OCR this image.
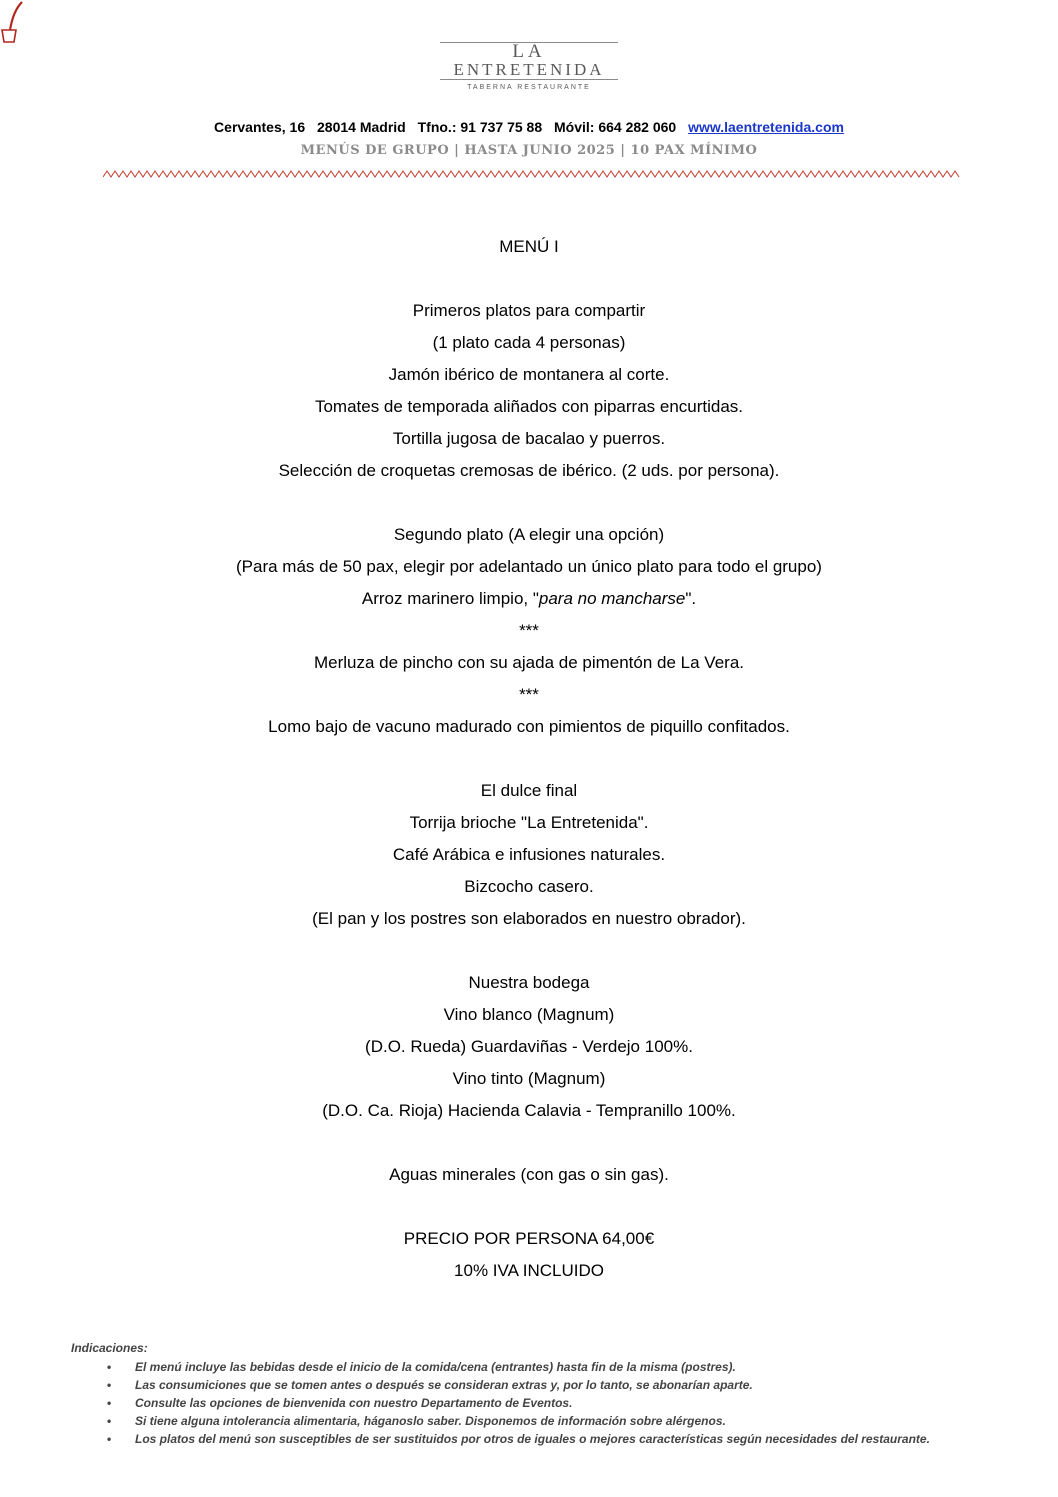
LA
ENTRETENIDA
TABERNA RESTAURANTE
Cervantes, 16 28014 Madrid Tfno.: 91 737 75 88 Móvil: 664 282 060 www.laentretenida.com
MENÚS DE GRUPO | HASTA JUNIO 2025 | 10 PAX MÍNIMO
MENÚ I
Primeros platos para compartir
(1 plato cada 4 personas)
Jamón ibérico de montanera al corte.
Tomates de temporada aliñados con piparras encurtidas.
Tortilla jugosa de bacalao y puerros.
Selección de croquetas cremosas de ibérico. (2 uds. por persona).
Segundo plato (A elegir una opción)
(Para más de 50 pax, elegir por adelantado un único plato para todo el grupo)
Arroz marinero limpio, "para no mancharse".
***
Merluza de pincho con su ajada de pimentón de La Vera.
***
Lomo bajo de vacuno madurado con pimientos de piquillo confitados.
El dulce final
Torrija brioche "La Entretenida".
Café Arábica e infusiones naturales.
Bizcocho casero.
(El pan y los postres son elaborados en nuestro obrador).
Nuestra bodega
Vino blanco (Magnum)
(D.O. Rueda) Guardaviñas - Verdejo 100%.
Vino tinto (Magnum)
(D.O. Ca. Rioja) Hacienda Calavia - Tempranillo 100%.
Aguas minerales (con gas o sin gas).
PRECIO POR PERSONA 64,00€
10% IVA INCLUIDO
Indicaciones:
• El menú incluye las bebidas desde el inicio de la comida/cena (entrantes) hasta fin de la misma (postres).
• Las consumiciones que se tomen antes o después se consideran extras y, por lo tanto, se abonarían aparte.
• Consulte las opciones de bienvenida con nuestro Departamento de Eventos.
• Si tiene alguna intolerancia alimentaria, háganoslo saber. Disponemos de información sobre alérgenos.
• Los platos del menú son susceptibles de ser sustituidos por otros de iguales o mejores características según necesidades del restaurante.
